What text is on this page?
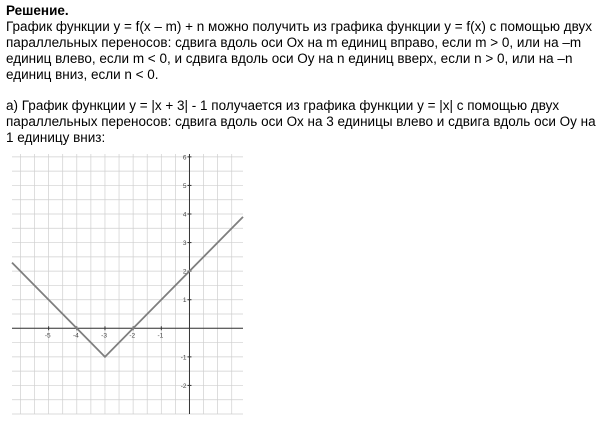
Решение.

График функции y = f(x – m) + n можно получить из графика функции y = f(x) с помощью двух параллельных переносов: сдвига вдоль оси Ох на m единиц вправо, если m > 0, или на –m единиц влево, если m < 0, и сдвига вдоль оси Оy на n единиц вверх, если n > 0, или на –n единиц вниз, если n < 0.

а) График функции y = |x + 3| - 1 получается из графика функции y = |x| с помощью двух параллельных переносов: сдвига вдоль оси Ох на 3 единицы влево и сдвига вдоль оси Оy на 1 единицу вниз:

-5	-4	-3	-2	-1
6
5
4
3
2
1
-1
-2
